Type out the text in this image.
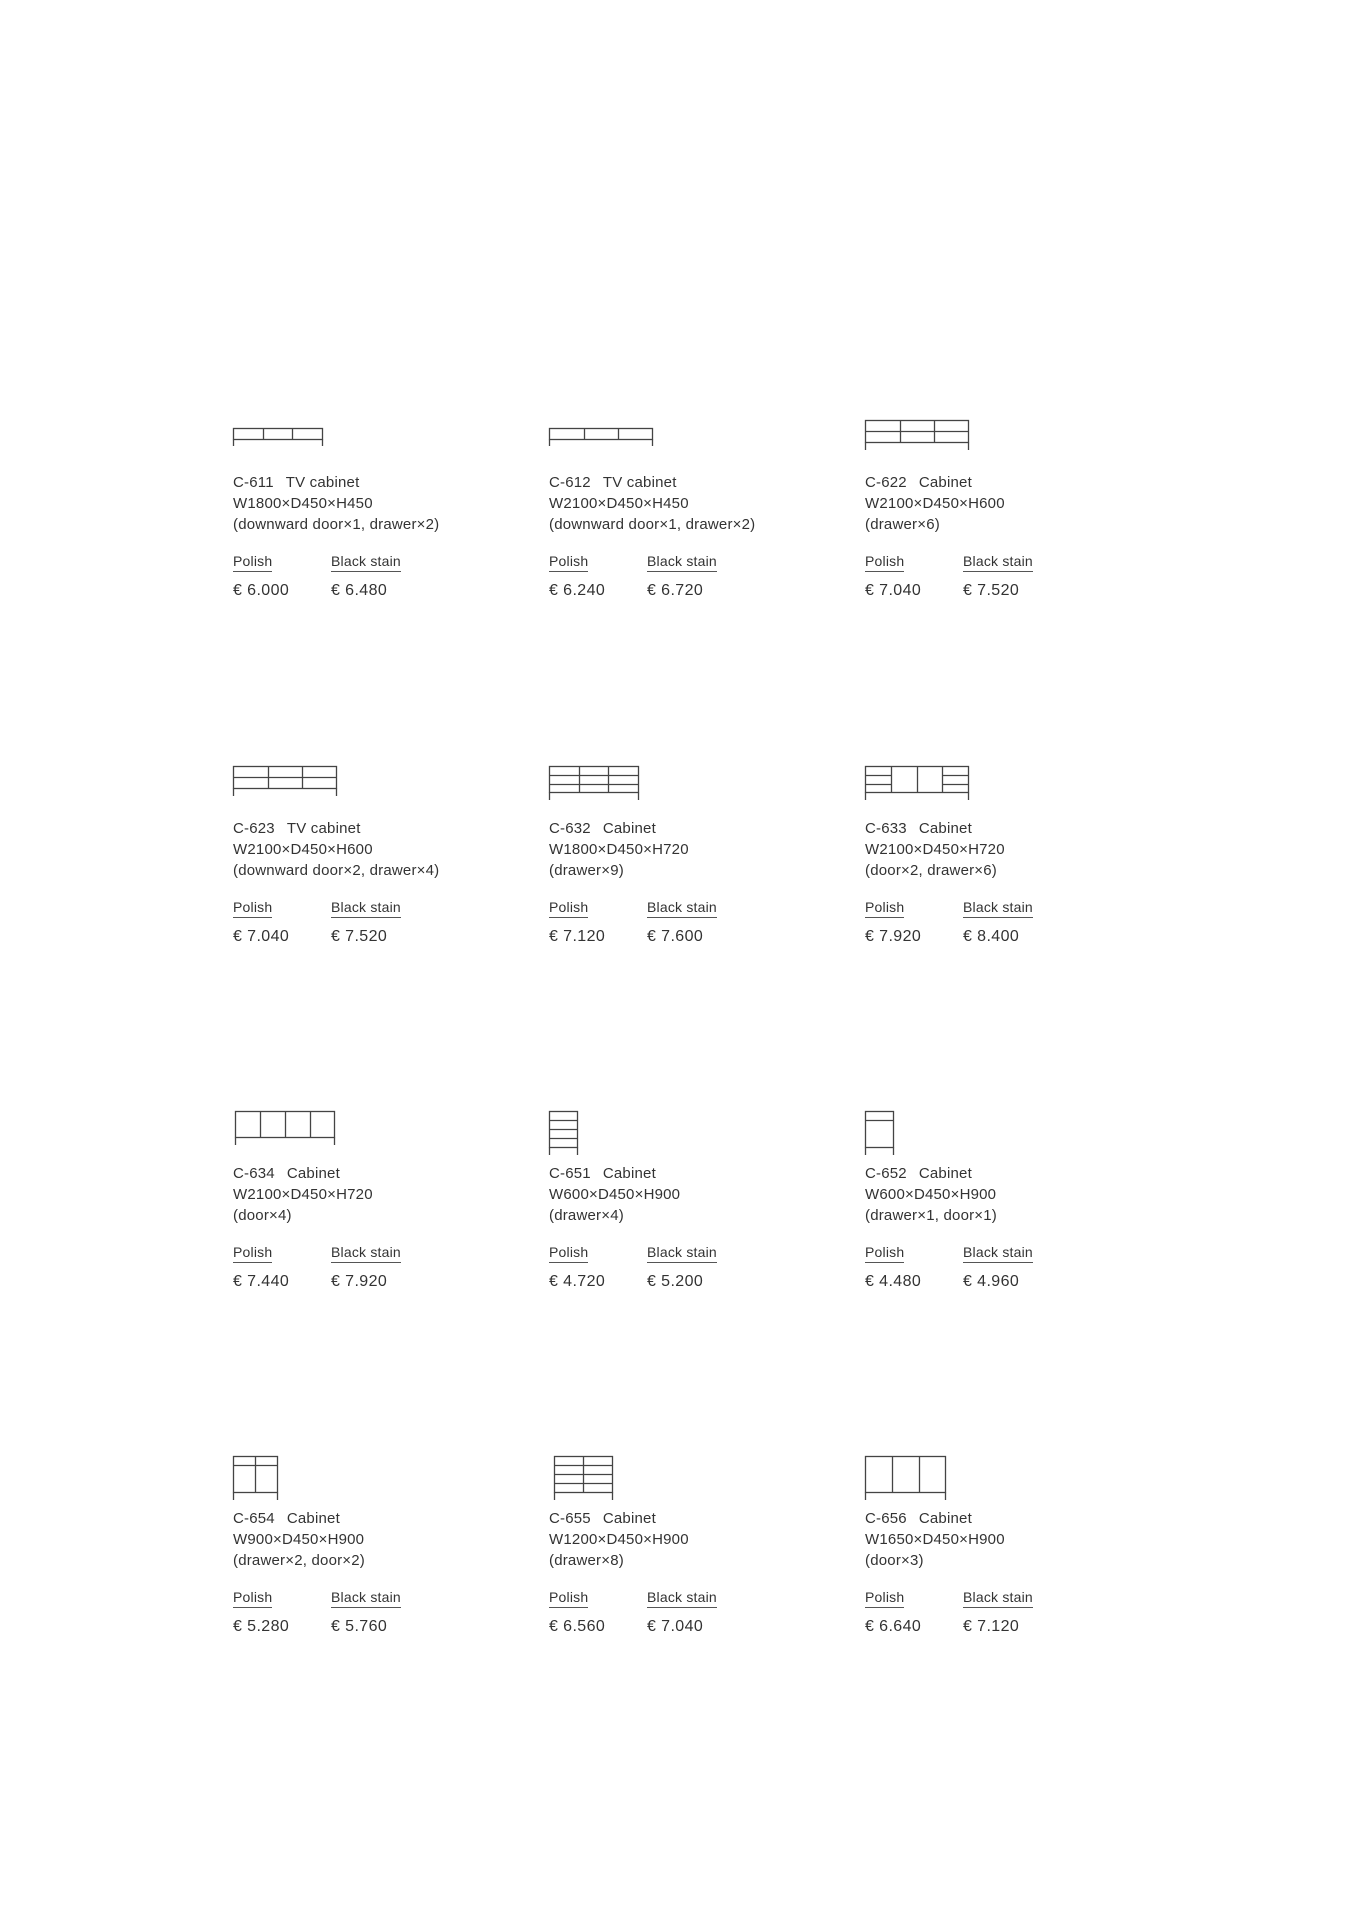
C-611 TV cabinet
W1800×D450×H450
(downward door×1, drawer×2)
Polish
€ 6.000
Black stain
€ 6.480
C-612 TV cabinet
W2100×D450×H450
(downward door×1, drawer×2)
Polish
€ 6.240
Black stain
€ 6.720
C-622 Cabinet
W2100×D450×H600
(drawer×6)
Polish
€ 7.040
Black stain
€ 7.520
C-623 TV cabinet
W2100×D450×H600
(downward door×2, drawer×4)
Polish
€ 7.040
Black stain
€ 7.520
C-632 Cabinet
W1800×D450×H720
(drawer×9)
Polish
€ 7.120
Black stain
€ 7.600
C-633 Cabinet
W2100×D450×H720
(door×2, drawer×6)
Polish
€ 7.920
Black stain
€ 8.400
C-634 Cabinet
W2100×D450×H720
(door×4)
Polish
€ 7.440
Black stain
€ 7.920
C-651 Cabinet
W600×D450×H900
(drawer×4)
Polish
€ 4.720
Black stain
€ 5.200
C-652 Cabinet
W600×D450×H900
(drawer×1, door×1)
Polish
€ 4.480
Black stain
€ 4.960
C-654 Cabinet
W900×D450×H900
(drawer×2, door×2)
Polish
€ 5.280
Black stain
€ 5.760
C-655 Cabinet
W1200×D450×H900
(drawer×8)
Polish
€ 6.560
Black stain
€ 7.040
C-656 Cabinet
W1650×D450×H900
(door×3)
Polish
€ 6.640
Black stain
€ 7.120
